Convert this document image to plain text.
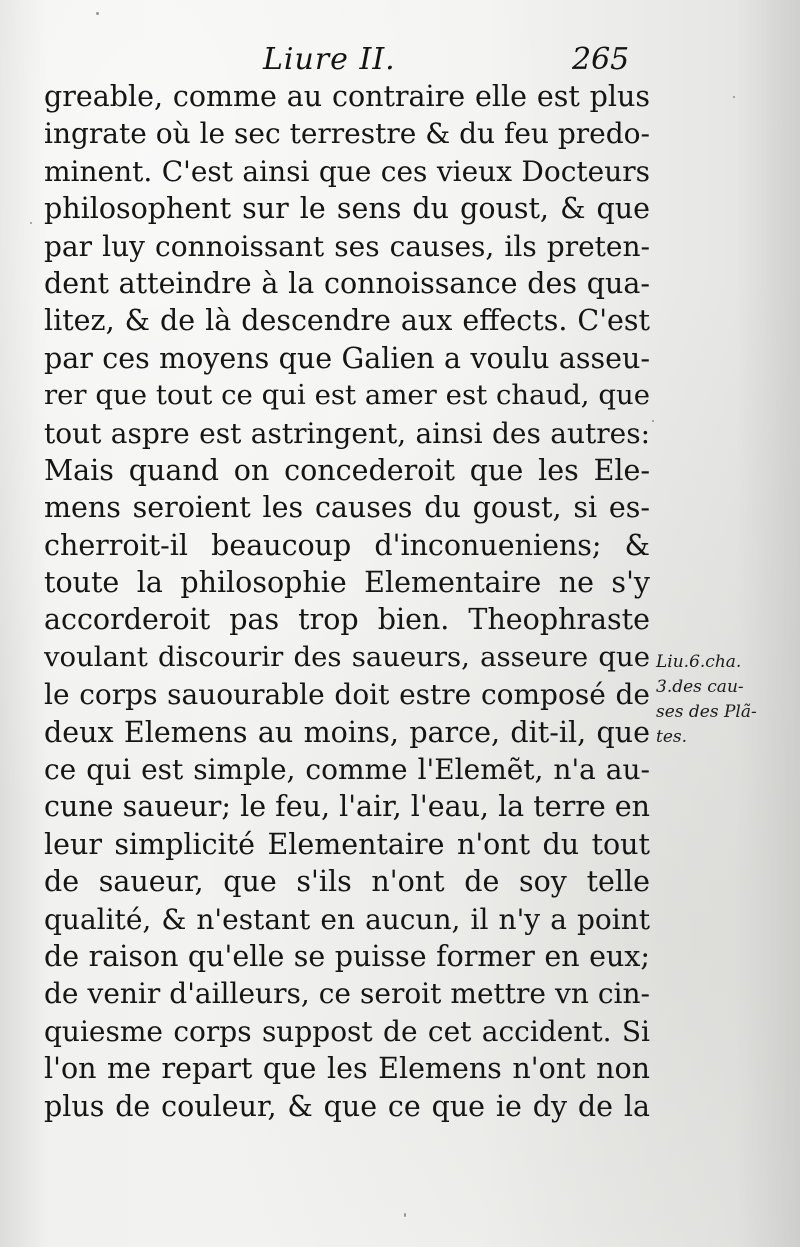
Liure II.	265
greable, comme au contraire elle est plus
ingrate où le sec terrestre & du feu predo-
minent. C'est ainsi que ces vieux Docteurs
philosophent sur le sens du goust, & que
par luy connoissant ses causes, ils preten-
dent atteindre à la connoissance des qua-
litez, & de là descendre aux effects. C'est
par ces moyens que Galien a voulu asseu-
rer que tout ce qui est amer est chaud, que
tout aspre est astringent, ainsi des autres:
Mais quand on concederoit que les Ele-
mens seroient les causes du goust, si es-
cherroit-il beaucoup d'inconueniens; &
toute la philosophie Elementaire ne s'y
accorderoit pas trop bien. Theophraste
voulant discourir des saueurs, asseure que
le corps sauourable doit estre composé de
deux Elemens au moins, parce, dit-il, que
ce qui est simple, comme l'Elemẽt, n'a au-
cune saueur; le feu, l'air, l'eau, la terre en
leur simplicité Elementaire n'ont du tout
de saueur, que s'ils n'ont de soy telle
qualité, & n'estant en aucun, il n'y a point
de raison qu'elle se puisse former en eux;
de venir d'ailleurs, ce seroit mettre vn cin-
quiesme corps suppost de cet accident. Si
l'on me repart que les Elemens n'ont non
plus de couleur, & que ce que ie dy de la
Liu.6.cha.
3.des cau-
ses des Plã-
tes.
